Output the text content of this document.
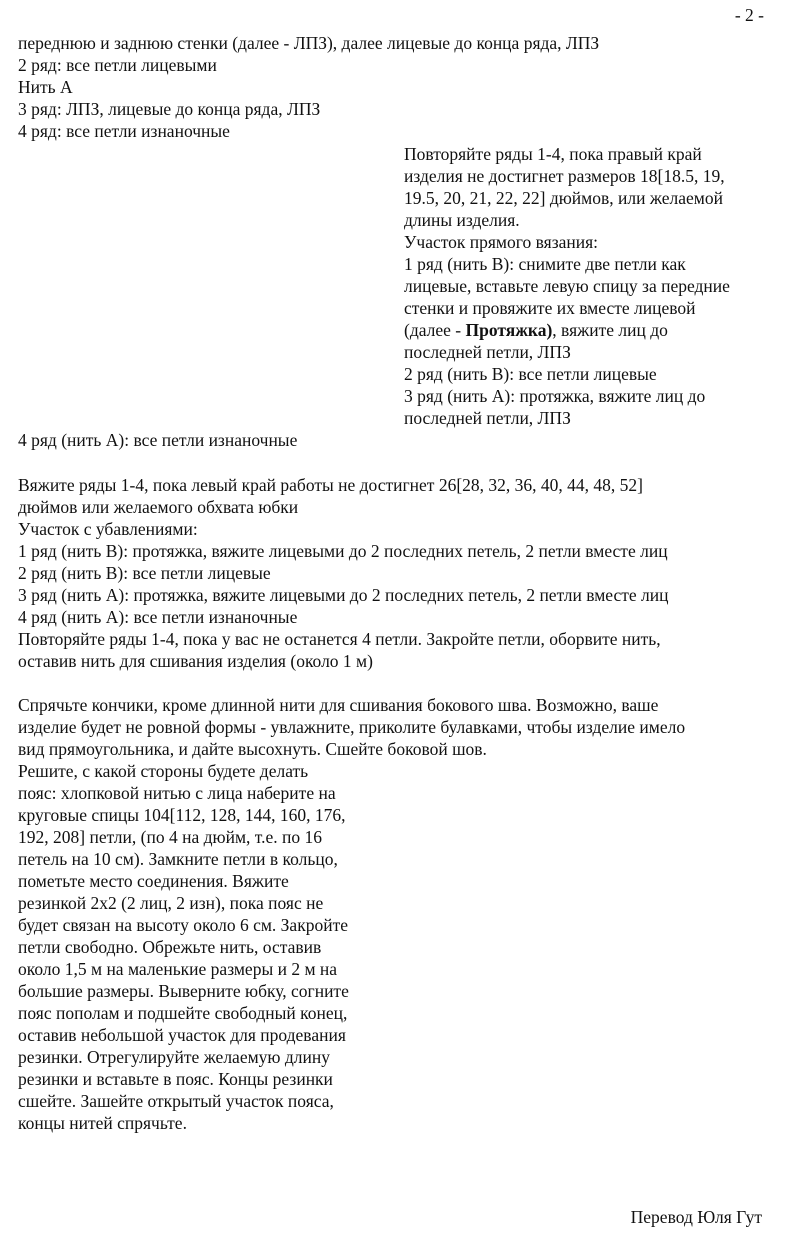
- 2 -
переднюю и заднюю стенки (далее - ЛПЗ), далее лицевые до конца ряда, ЛПЗ
2 ряд: все петли лицевыми
Нить А
3 ряд: ЛПЗ, лицевые до конца ряда, ЛПЗ
4 ряд: все петли изнаночные
Повторяйте ряды 1-4, пока правый край
изделия не достигнет размеров 18[18.5, 19,
19.5, 20, 21, 22, 22] дюймов, или желаемой
длины изделия.
Участок прямого вязания:
1 ряд (нить В): снимите две петли как
лицевые, вставьте левую спицу за передние
стенки и провяжите их вместе лицевой
(далее - Протяжка), вяжите лиц до
последней петли, ЛПЗ
2 ряд (нить В): все петли лицевые
3 ряд (нить А): протяжка, вяжите лиц до
последней петли, ЛПЗ
4 ряд (нить А): все петли изнаночные
Вяжите ряды 1-4, пока левый край работы не достигнет 26[28, 32, 36, 40, 44, 48, 52]
дюймов или желаемого обхвата юбки
Участок с убавлениями:
1 ряд (нить В): протяжка, вяжите лицевыми до 2 последних петель, 2 петли вместе лиц
2 ряд (нить В): все петли лицевые
3 ряд (нить А): протяжка, вяжите лицевыми до 2 последних петель, 2 петли вместе лиц
4 ряд (нить А): все петли изнаночные
Повторяйте ряды 1-4, пока у вас не останется 4 петли. Закройте петли, оборвите нить,
оставив нить для сшивания изделия (около 1 м)
Спрячьте кончики, кроме длинной нити для сшивания бокового шва. Возможно, ваше
изделие будет не ровной формы - увлажните, приколите булавками, чтобы изделие имело
вид прямоугольника, и дайте высохнуть. Сшейте боковой шов.
Решите, с какой стороны будете делать
пояс: хлопковой нитью с лица наберите на
круговые спицы 104[112, 128, 144, 160, 176,
192, 208] петли, (по 4 на дюйм, т.е. по 16
петель на 10 см). Замкните петли в кольцо,
пометьте место соединения. Вяжите
резинкой 2х2 (2 лиц, 2 изн), пока пояс не
будет связан на высоту около 6 см. Закройте
петли свободно. Обрежьте нить, оставив
около 1,5 м на маленькие размеры и 2 м на
большие размеры. Выверните юбку, согните
пояс пополам и подшейте свободный конец,
оставив небольшой участок для продевания
резинки. Отрегулируйте желаемую длину
резинки и вставьте в пояс. Концы резинки
сшейте. Зашейте открытый участок пояса,
концы нитей спрячьте.
Перевод Юля Гут
